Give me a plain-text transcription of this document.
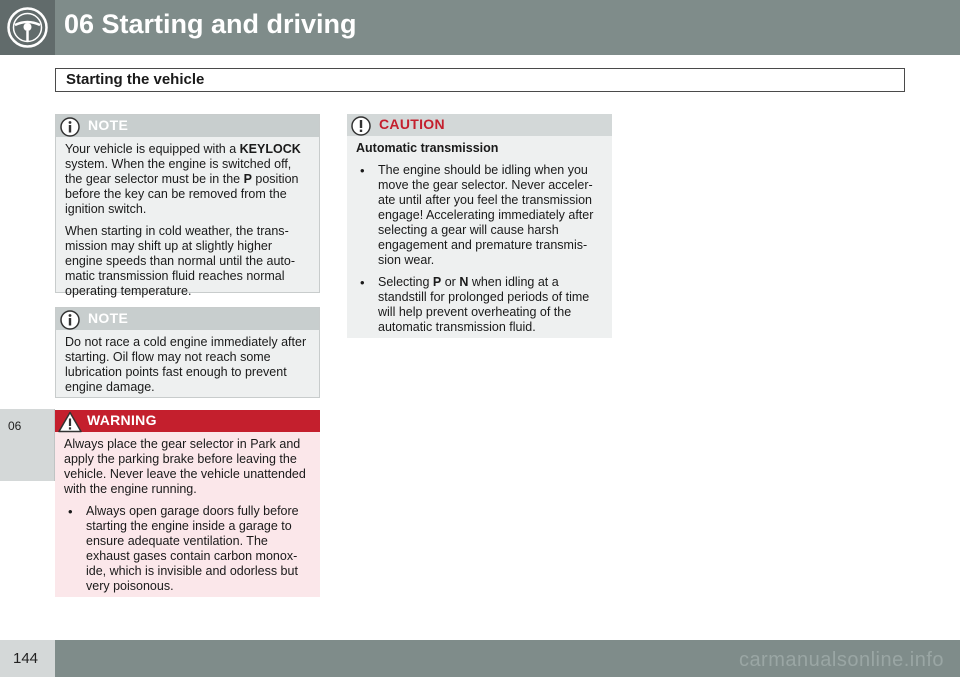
06 Starting and driving
06
Starting the vehicle
NOTE

Your vehicle is equipped with a KEYLOCK system. When the engine is switched off, the gear selector must be in the P position before the key can be removed from the ignition switch.

When starting in cold weather, the transmission may shift up at slightly higher engine speeds than normal until the automatic transmission fluid reaches normal operating temperature.

NOTE

Do not race a cold engine immediately after starting. Oil flow may not reach some lubrication points fast enough to prevent engine damage.

WARNING

Always place the gear selector in Park and apply the parking brake before leaving the vehicle. Never leave the vehicle unattended with the engine running.

• Always open garage doors fully before starting the engine inside a garage to ensure adequate ventilation. The exhaust gases contain carbon monoxide, which is invisible and odorless but very poisonous.
CAUTION

Automatic transmission

• The engine should be idling when you move the gear selector. Never accelerate until after you feel the transmission engage! Accelerating immediately after selecting a gear will cause harsh engagement and premature transmission wear.
• Selecting P or N when idling at a standstill for prolonged periods of time will help prevent overheating of the automatic transmission fluid.
144	carmanualsonline.info
